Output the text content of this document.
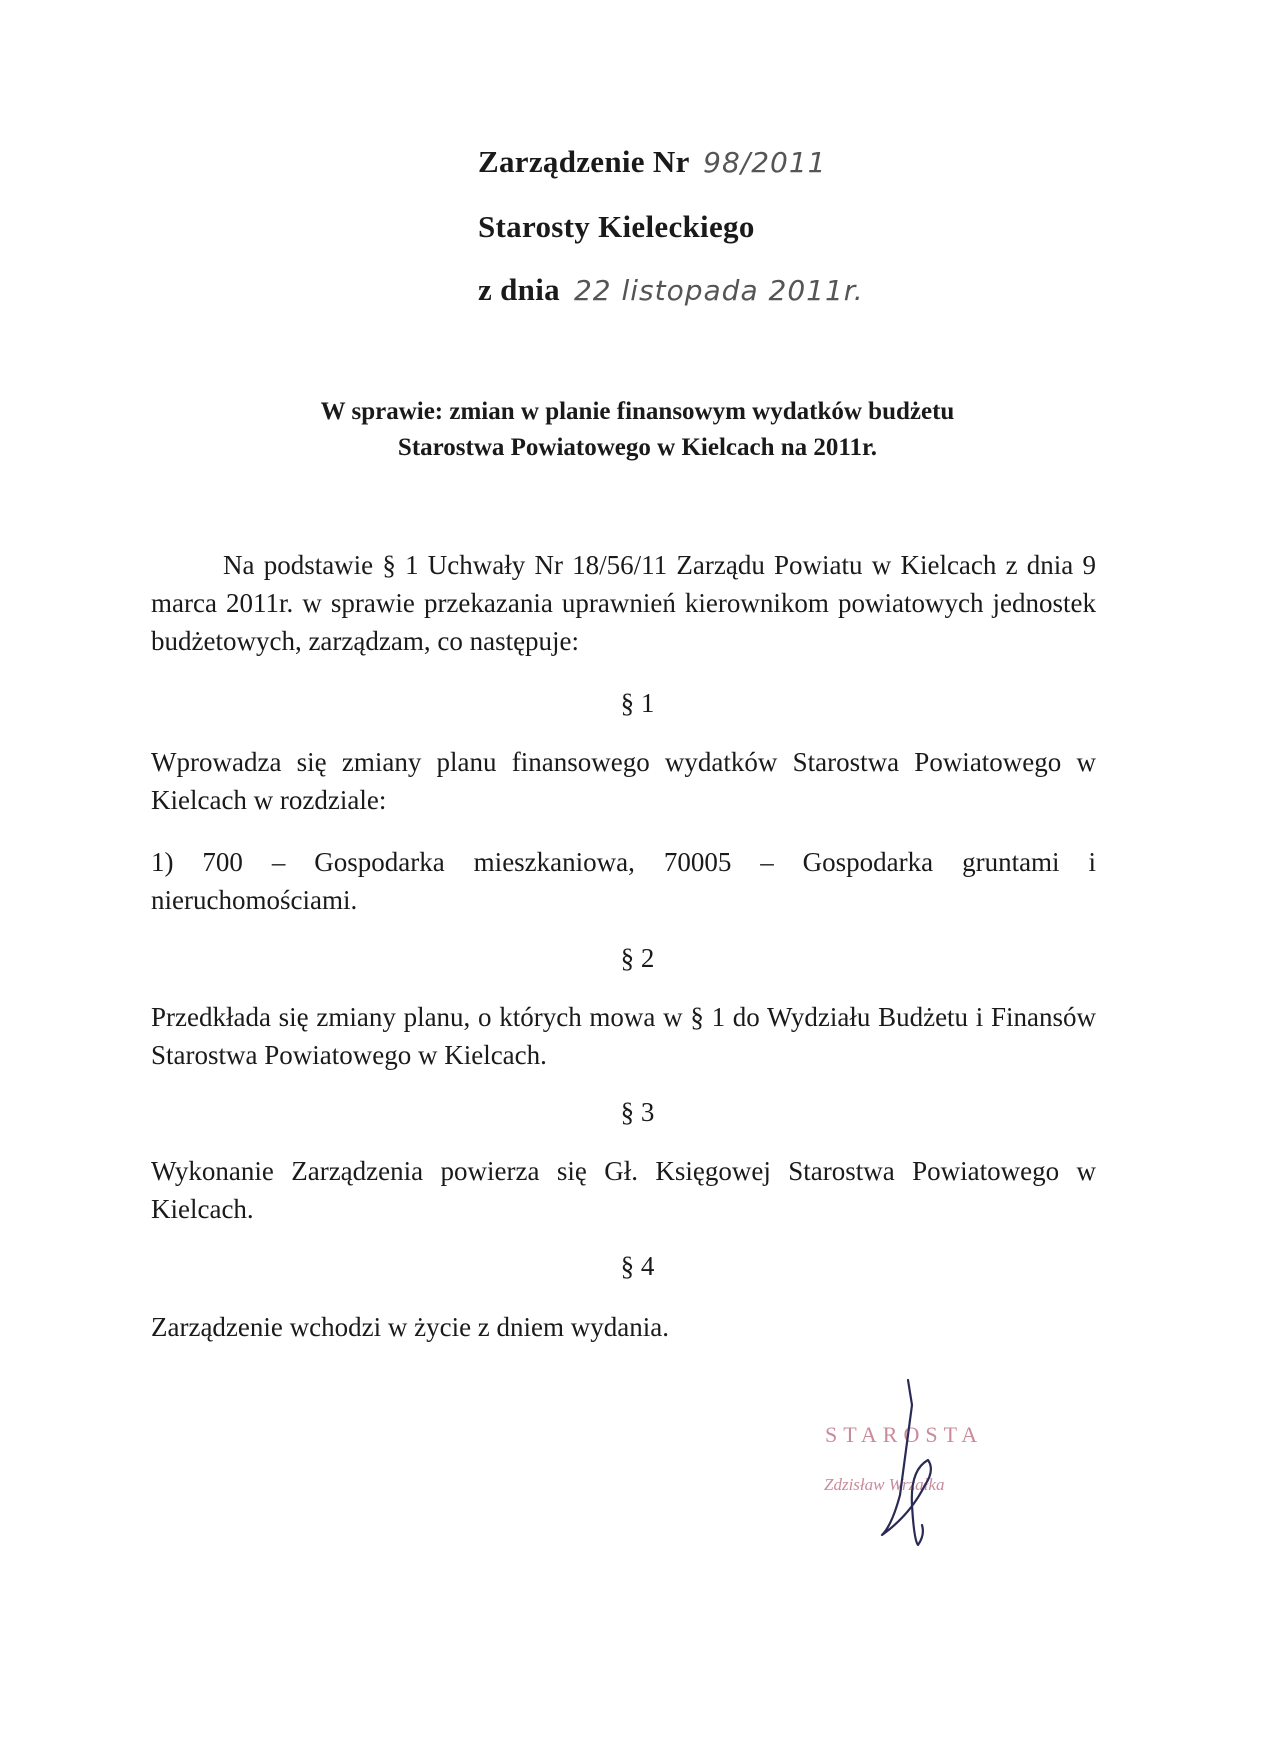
Zarządzenie Nr 98/2011
Starosty Kieleckiego
z dnia 22 listopada 2011r.
W sprawie: zmian w planie finansowym wydatków budżetu
Starostwa Powiatowego w Kielcach na 2011r.
Na podstawie § 1 Uchwały Nr 18/56/11 Zarządu Powiatu w Kielcach z dnia 9 marca 2011r. w sprawie przekazania uprawnień kierownikom powiatowych jednostek budżetowych, zarządzam, co następuje:
§ 1
Wprowadza się zmiany planu finansowego wydatków Starostwa Powiatowego w Kielcach w rozdziale:
1) 700 – Gospodarka mieszkaniowa, 70005 – Gospodarka gruntami i nieruchomościami.
§ 2
Przedkłada się zmiany planu, o których mowa w § 1 do Wydziału Budżetu i Finansów Starostwa Powiatowego w Kielcach.
§ 3
Wykonanie Zarządzenia powierza się Gł. Księgowej Starostwa Powiatowego w Kielcach.
§ 4
Zarządzenie wchodzi w życie z dniem wydania.
STAROSTA
Zdzisław Wrzałka
